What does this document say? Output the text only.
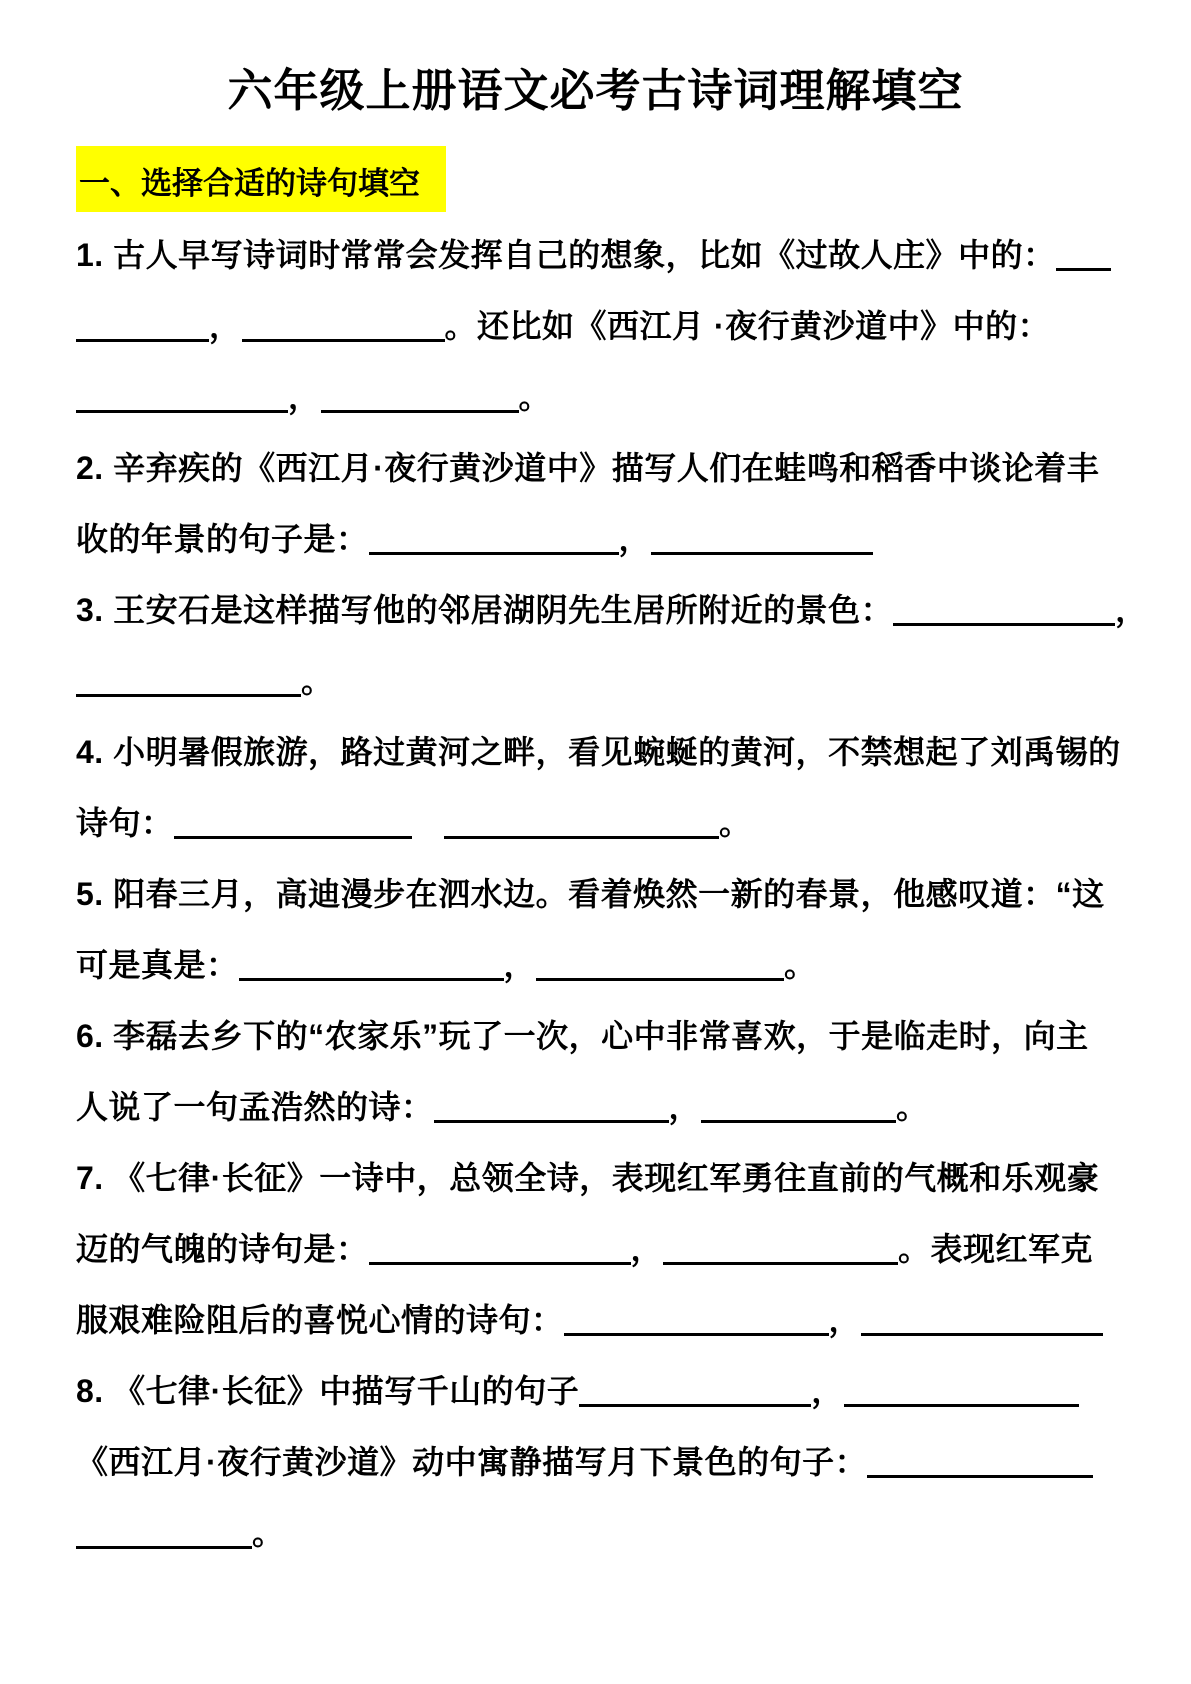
六年级上册语文必考古诗词理解填空
一、选择合适的诗句填空
1. 古人早写诗词时常常会发挥自己的想象，比如《过故人庄》中的：
，	。还比如《西江月 ·夜行黄沙道中》中的：
，	。
2. 辛弃疾的《西江月·夜行黄沙道中》描写人们在蛙鸣和稻香中谈论着丰
收的年景的句子是：	，
3. 王安石是这样描写他的邻居湖阴先生居所附近的景色：	，
。
4. 小明暑假旅游，路过黄河之畔，看见蜿蜒的黄河，不禁想起了刘禹锡的
诗句：　	。
5. 阳春三月，高迪漫步在泗水边。看着焕然一新的春景，他感叹道：“这
可是真是：	，	。
6. 李磊去乡下的“农家乐”玩了一次，心中非常喜欢，于是临走时，向主
人说了一句孟浩然的诗：	，	。
7. 《七律·长征》一诗中，总领全诗，表现红军勇往直前的气概和乐观豪
迈的气魄的诗句是：	，	。表现红军克
服艰难险阻后的喜悦心情的诗句：	，
8. 《七律·长征》中描写千山的句子	，
《西江月·夜行黄沙道》动中寓静描写月下景色的句子：
。
